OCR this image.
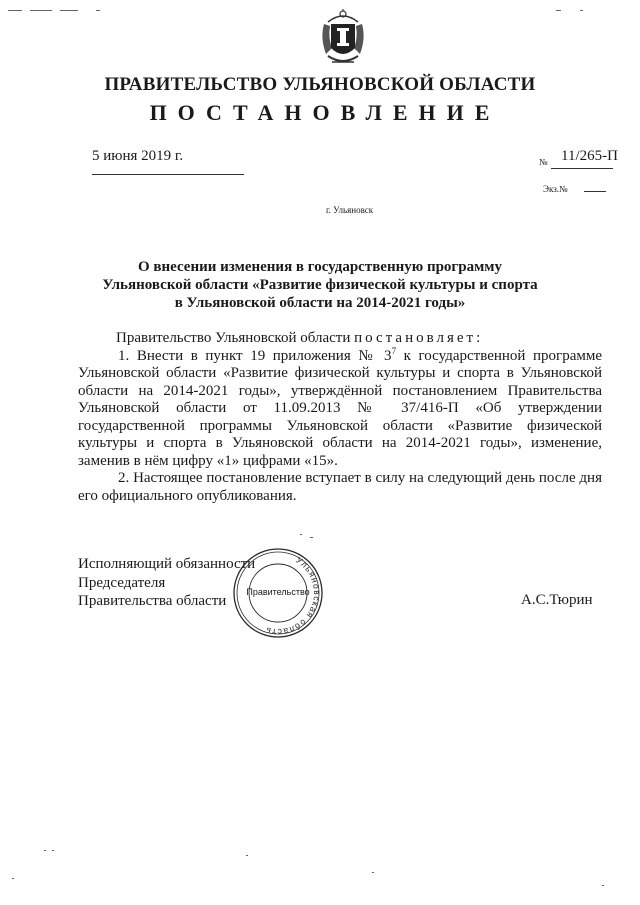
ПРАВИТЕЛЬСТВО УЛЬЯНОВСКОЙ ОБЛАСТИ
ПОСТАНОВЛЕНИЕ
5 июня 2019 г.	№ 11/265-П
Экз.№
г. Ульяновск
О внесении изменения в государственную программу
Ульяновской области «Развитие физической культуры и спорта
в Ульяновской области на 2014-2021 годы»

Правительство Ульяновской области постановляет:

1. Внести в пункт 19 приложения № $3^7$ к государственной программе Ульяновской области «Развитие физической культуры и спорта в Ульяновской области на 2014-2021 годы», утверждённой постановлением Правительства Ульяновской области от 11.09.2013 № 37/416-П «Об утверждении государственной программы Ульяновской области «Развитие физической культуры и спорта в Ульяновской области на 2014-2021 годы», изменение, заменив в нём цифру «1» цифрами «15».

2. Настоящее постановление вступает в силу на следующий день после дня его официального опубликования.

Исполняющий обязанности
Председателя
Правительства области
Ульяновская область
Правительство	А.С.Тюрин
